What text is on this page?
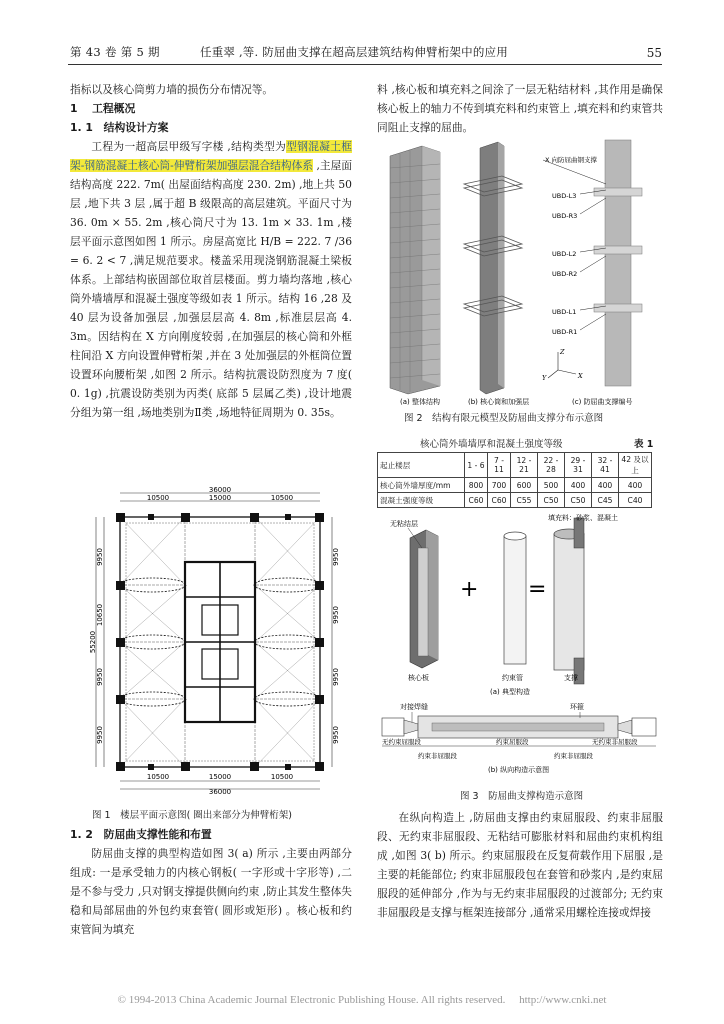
第 43 卷 第 5 期	任重翠 ,等. 防屈曲支撑在超高层建筑结构伸臂桁架中的应用	55

指标以及核心筒剪力墙的损伤分布情况等。

1　 工程概况

1. 1　结构设计方案

工程为一超高层甲级写字楼 ,结构类型为型钢混凝土框架-钢筋混凝土核心筒-伸臂桁架加强层混合结构体系 ,主屋面结构高度 222. 7m( 出屋面结构高度 230. 2m) ,地上共 50 层 ,地下共 3 层 ,属于超 B 级限高的高层建筑。平面尺寸为 36. 0m × 55. 2m ,核心筒尺寸为 13. 1m × 33. 1m ,楼层平面示意图如图 1 所示。房屋高宽比 H/B = 222. 7 /36 = 6. 2 < 7 ,满足规范要求。楼盖采用现浇钢筋混凝土梁板体系。上部结构嵌固部位取首层楼面。剪力墙均落地 ,核心筒外墙墙厚和混凝土强度等级如表 1 所示。结构 16 ,28 及 40 层为设备加强层 ,加强层层高 4. 8m ,标准层层高 4. 3m。因结构在 X 方向刚度较弱 ,在加强层的核心筒和外框柱间沿 X 方向设置伸臂桁架 ,并在 3 处加强层的外框筒位置设置环向腰桁架 ,如图 2 所示。结构抗震设防烈度为 7 度( 0. 1g) ,抗震设防类别为丙类( 底部 5 层属乙类) ,设计地震分组为第一组 ,场地类别为Ⅱ类 ,场地特征周期为 0. 35s。

36000
10500	15000	10500
10500	15000	10500
36000
9950
10650
55200
9950
9950
9950
9950
9950
9950
图 1　楼层平面示意图( 圈出来部分为伸臂桁架)

1. 2　防屈曲支撑性能和布置

防屈曲支撑的典型构造如图 3( a) 所示 ,主要由两部分组成: 一是承受轴力的内核心钢板( 一字形或十字形等) ,二是不参与受力 ,只对钢支撑提供侧向约束 ,防止其发生整体失稳和局部屈曲的外包约束套管( 圆形或矩形) 。核心板和约束管间为填充

料 ,核心板和填充料之间涂了一层无粘结材料 ,其作用是确保核心板上的轴力不传到填充料和约束管上 ,填充料和约束管共同阻止支撑的屈曲。

X 向防屈曲钢支撑
UBD-L3
UBD-R3
UBD-L2
UBD-R2
UBD-L1
UBD-R1
Z
Y	X
(a) 整体结构	(b) 核心筒和加强层	(c) 防屈曲支撑编号
图 2　结构有限元模型及防屈曲支撑分布示意图
核心筒外墙墙厚和混凝土强度等级	表 1
起止楼层	1 - 6	7 - 11	12 - 21	22 - 28	29 - 31	32 - 41	42 及以上
核心筒外墙厚度/mm	800	700	600	500	400	400	400
混凝土强度等级	C60	C60	C55	C50	C50	C45	C40
无粘结层
+ =
填充料：砂浆、混凝土
核心板	约束管	支撑
(a) 典型构造
对接焊缝	环箍
无约束屈服段	约束屈服段	无约束非屈服段
约束非屈服段	约束非屈服段
(b) 纵向构造示意图
图 3　防屈曲支撑构造示意图

在纵向构造上 ,防屈曲支撑由约束屈服段、约束非屈服段、无约束非屈服段、无粘结可膨胀材料和屈曲约束机构组成 ,如图 3( b) 所示。约束屈服段在反复荷载作用下屈服 ,是主要的耗能部位; 约束非屈服段包在套管和砂浆内 ,是约束屈服段的延伸部分 ,作为与无约束非屈服段的过渡部分; 无约束非屈服段是支撑与框架连接部分 ,通常采用螺栓连接或焊接

© 1994-2013 China Academic Journal Electronic Publishing House. All rights reserved.　 http://www.cnki.net
